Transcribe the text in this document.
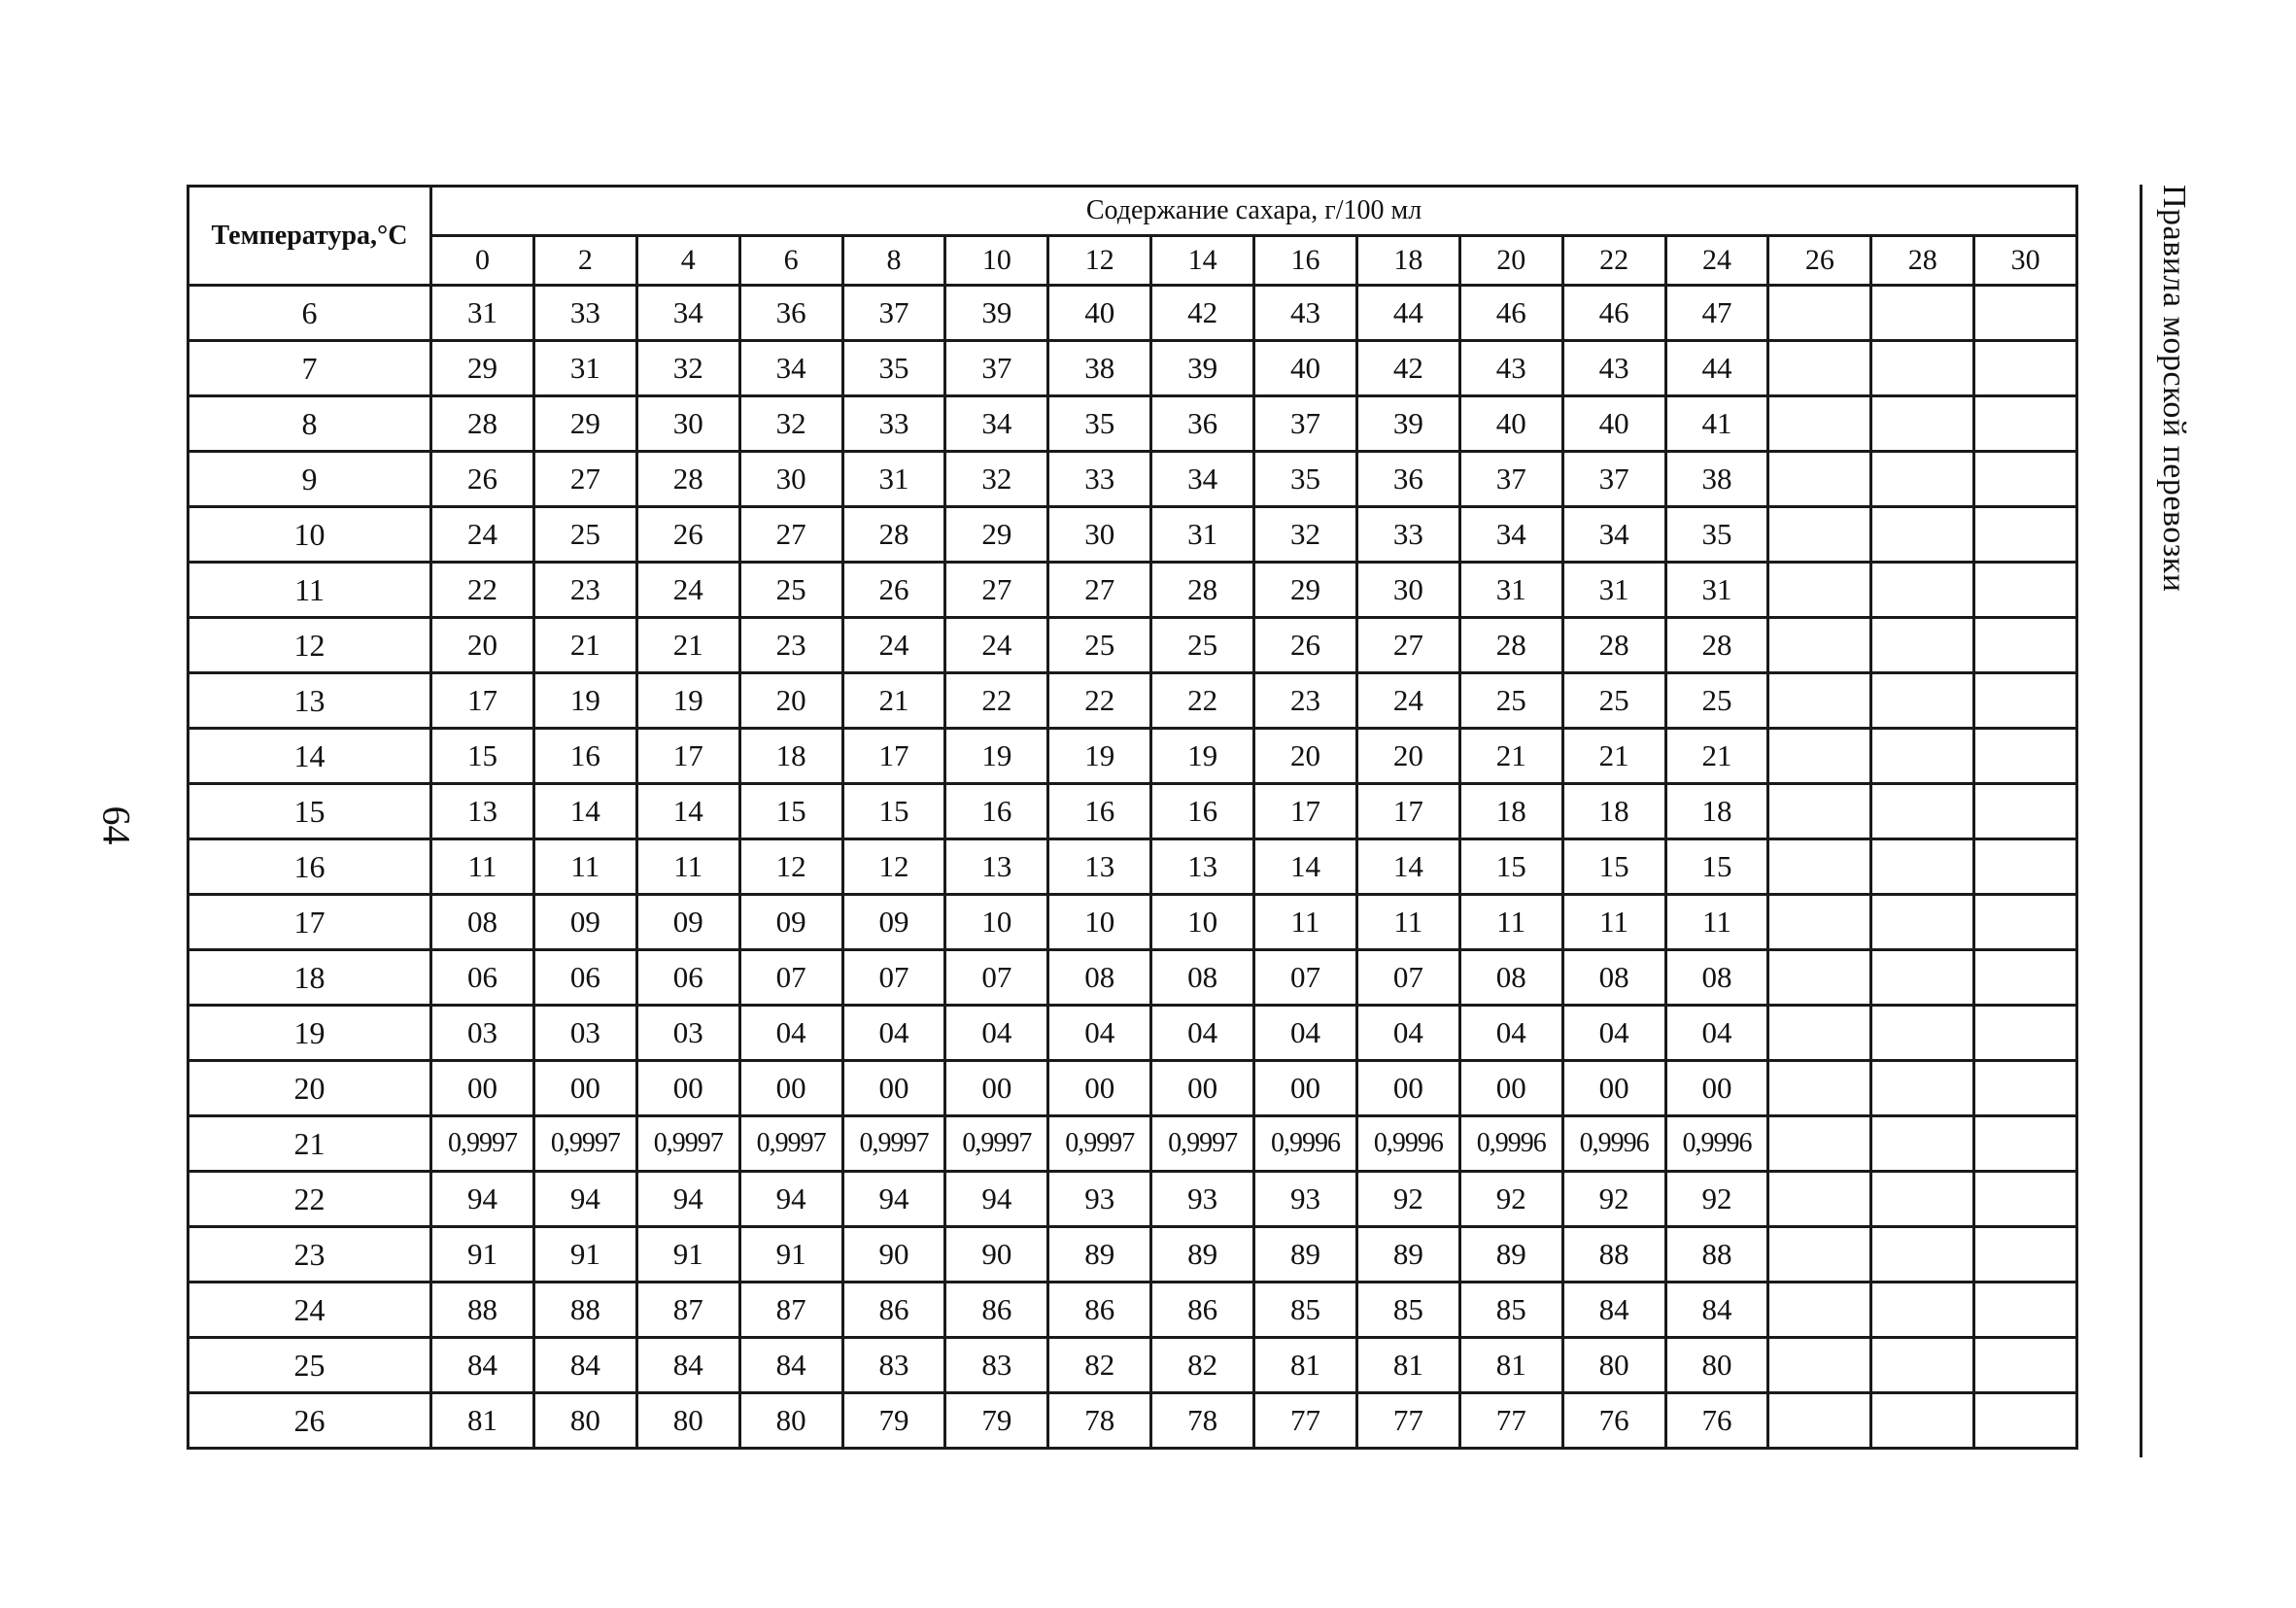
Температура,°С	Содержание сахара, г/100 мл															
	0	2	4	6	8	10	12	14	16	18	20	22	24	26	28	30
6	31	33	34	36	37	39	40	42	43	44	46	46	47			
7	29	31	32	34	35	37	38	39	40	42	43	43	44			
8	28	29	30	32	33	34	35	36	37	39	40	40	41			
9	26	27	28	30	31	32	33	34	35	36	37	37	38			
10	24	25	26	27	28	29	30	31	32	33	34	34	35			
11	22	23	24	25	26	27	27	28	29	30	31	31	31			
12	20	21	21	23	24	24	25	25	26	27	28	28	28			
13	17	19	19	20	21	22	22	22	23	24	25	25	25			
14	15	16	17	18	17	19	19	19	20	20	21	21	21			
15	13	14	14	15	15	16	16	16	17	17	18	18	18			
16	11	11	11	12	12	13	13	13	14	14	15	15	15			
17	08	09	09	09	09	10	10	10	11	11	11	11	11			
18	06	06	06	07	07	07	08	08	07	07	08	08	08			
19	03	03	03	04	04	04	04	04	04	04	04	04	04			
20	00	00	00	00	00	00	00	00	00	00	00	00	00			
21	0,9997	0,9997	0,9997	0,9997	0,9997	0,9997	0,9997	0,9997	0,9996	0,9996	0,9996	0,9996	0,9996			
22	94	94	94	94	94	94	93	93	93	92	92	92	92			
23	91	91	91	91	90	90	89	89	89	89	89	88	88			
24	88	88	87	87	86	86	86	86	85	85	85	84	84			
25	84	84	84	84	83	83	82	82	81	81	81	80	80			
26	81	80	80	80	79	79	78	78	77	77	77	76	76			
Правила морской перевозки
64
